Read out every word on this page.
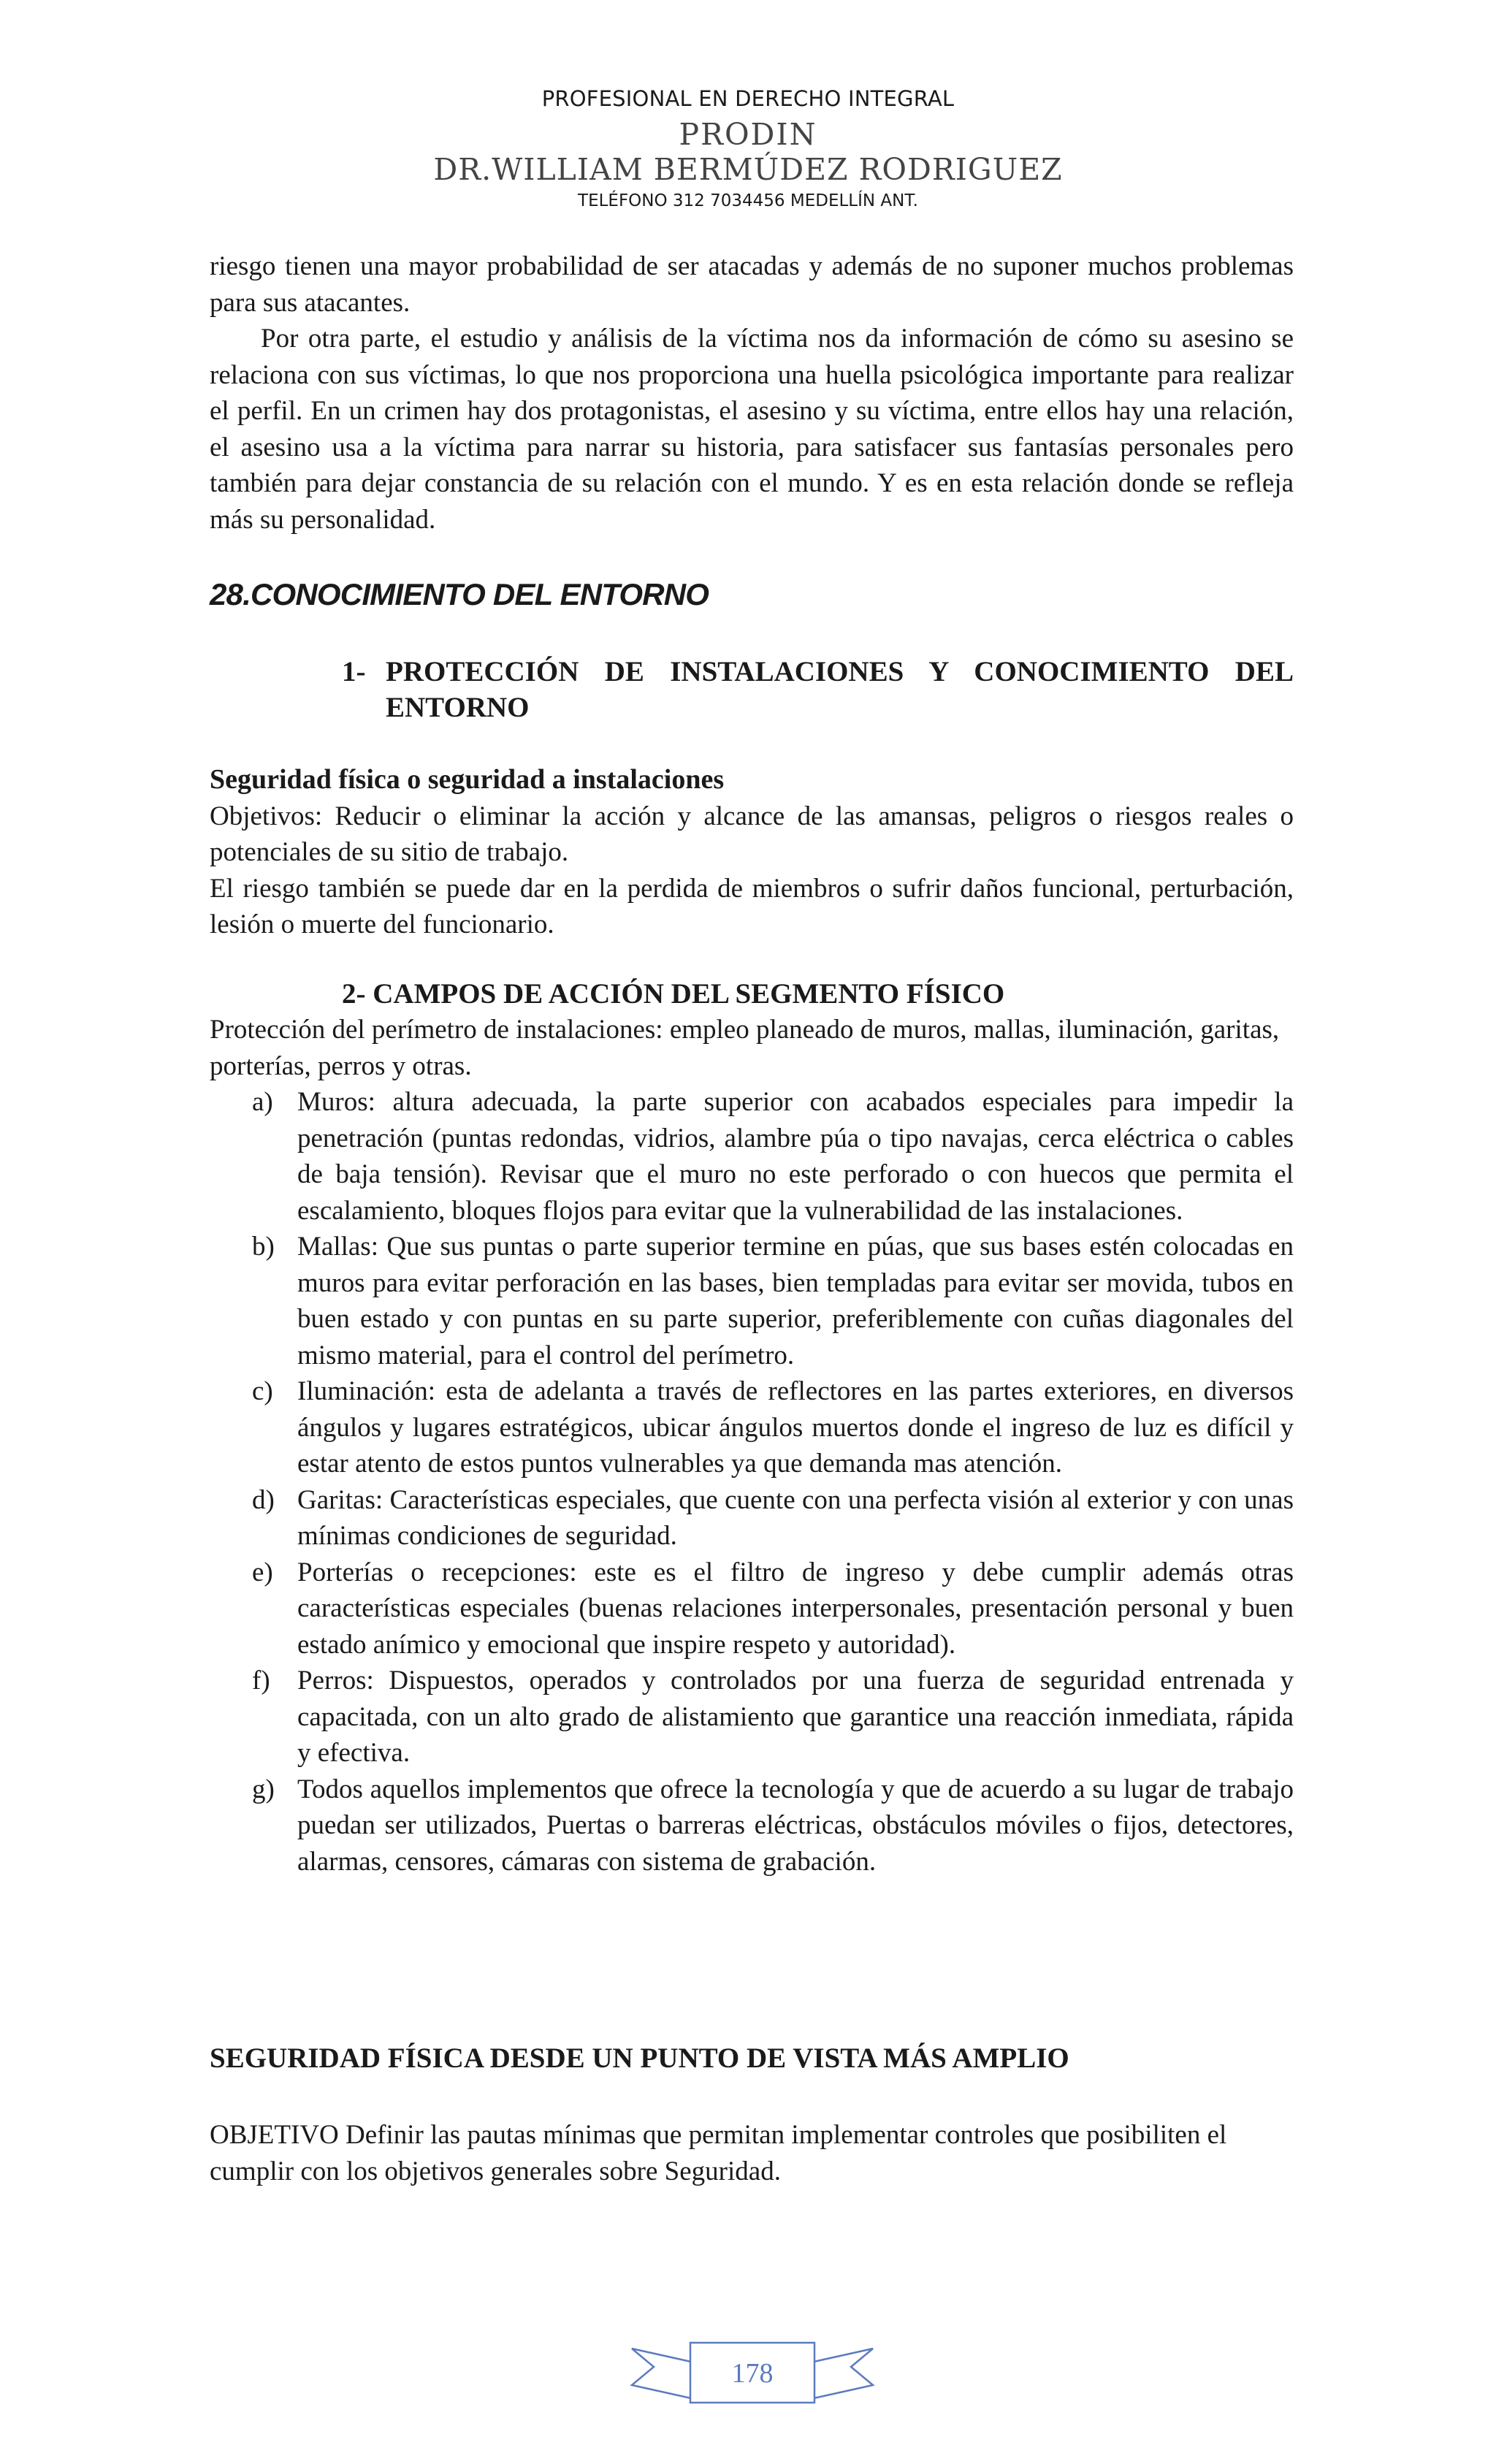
PROFESIONAL EN DERECHO INTEGRAL
PRODIN
DR.WILLIAM BERMÚDEZ RODRIGUEZ
TELÉFONO 312 7034456 MEDELLÍN ANT.

riesgo tienen una mayor probabilidad de ser atacadas y además de no suponer muchos problemas para sus atacantes.

Por otra parte, el estudio y análisis de la víctima nos da información de cómo su asesino se relaciona con sus víctimas, lo que nos proporciona una huella psicológica importante para realizar el perfil. En un crimen hay dos protagonistas, el asesino y su víctima, entre ellos hay una relación, el asesino usa a la víctima para narrar su historia, para satisfacer sus fantasías personales pero también para dejar constancia de su relación con el mundo. Y es en esta relación donde se refleja más su personalidad.

28.CONOCIMIENTO DEL ENTORNO
1- PROTECCIÓN DE INSTALACIONES Y CONOCIMIENTO DEL ENTORNO

Seguridad física o seguridad a instalaciones

Objetivos: Reducir o eliminar la acción y alcance de las amansas, peligros o riesgos reales o potenciales de su sitio de trabajo.

El riesgo también se puede dar en la perdida de miembros o sufrir daños funcional, perturbación, lesión o muerte del funcionario.

2- CAMPOS DE ACCIÓN DEL SEGMENTO FÍSICO
Protección del perímetro de instalaciones: empleo planeado de muros, mallas, iluminación, garitas, porterías, perros y otras.
a) Muros: altura adecuada, la parte superior con acabados especiales para impedir la penetración (puntas redondas, vidrios, alambre púa o tipo navajas, cerca eléctrica o cables de baja tensión). Revisar que el muro no este perforado o con huecos que permita el escalamiento, bloques flojos para evitar que la vulnerabilidad de las instalaciones.
b) Mallas: Que sus puntas o parte superior termine en púas, que sus bases estén colocadas en muros para evitar perforación en las bases, bien templadas para evitar ser movida, tubos en buen estado y con puntas en su parte superior, preferiblemente con cuñas diagonales del mismo material, para el control del perímetro.
c) Iluminación: esta de adelanta a través de reflectores en las partes exteriores, en diversos ángulos y lugares estratégicos, ubicar ángulos muertos donde el ingreso de luz es difícil y estar atento de estos puntos vulnerables ya que demanda mas atención.
d) Garitas: Características especiales, que cuente con una perfecta visión al exterior y con unas mínimas condiciones de seguridad.
e) Porterías o recepciones: este es el filtro de ingreso y debe cumplir además otras características especiales (buenas relaciones interpersonales, presentación personal y buen estado anímico y emocional que inspire respeto y autoridad).
f) Perros: Dispuestos, operados y controlados por una fuerza de seguridad entrenada y capacitada, con un alto grado de alistamiento que garantice una reacción inmediata, rápida y efectiva.
g) Todos aquellos implementos que ofrece la tecnología y que de acuerdo a su lugar de trabajo puedan ser utilizados, Puertas o barreras eléctricas, obstáculos móviles o fijos, detectores, alarmas, censores, cámaras con sistema de grabación.
SEGURIDAD FÍSICA DESDE UN PUNTO DE VISTA MÁS AMPLIO
OBJETIVO Definir las pautas mínimas que permitan implementar controles que posibiliten el cumplir con los objetivos generales sobre Seguridad.
178
